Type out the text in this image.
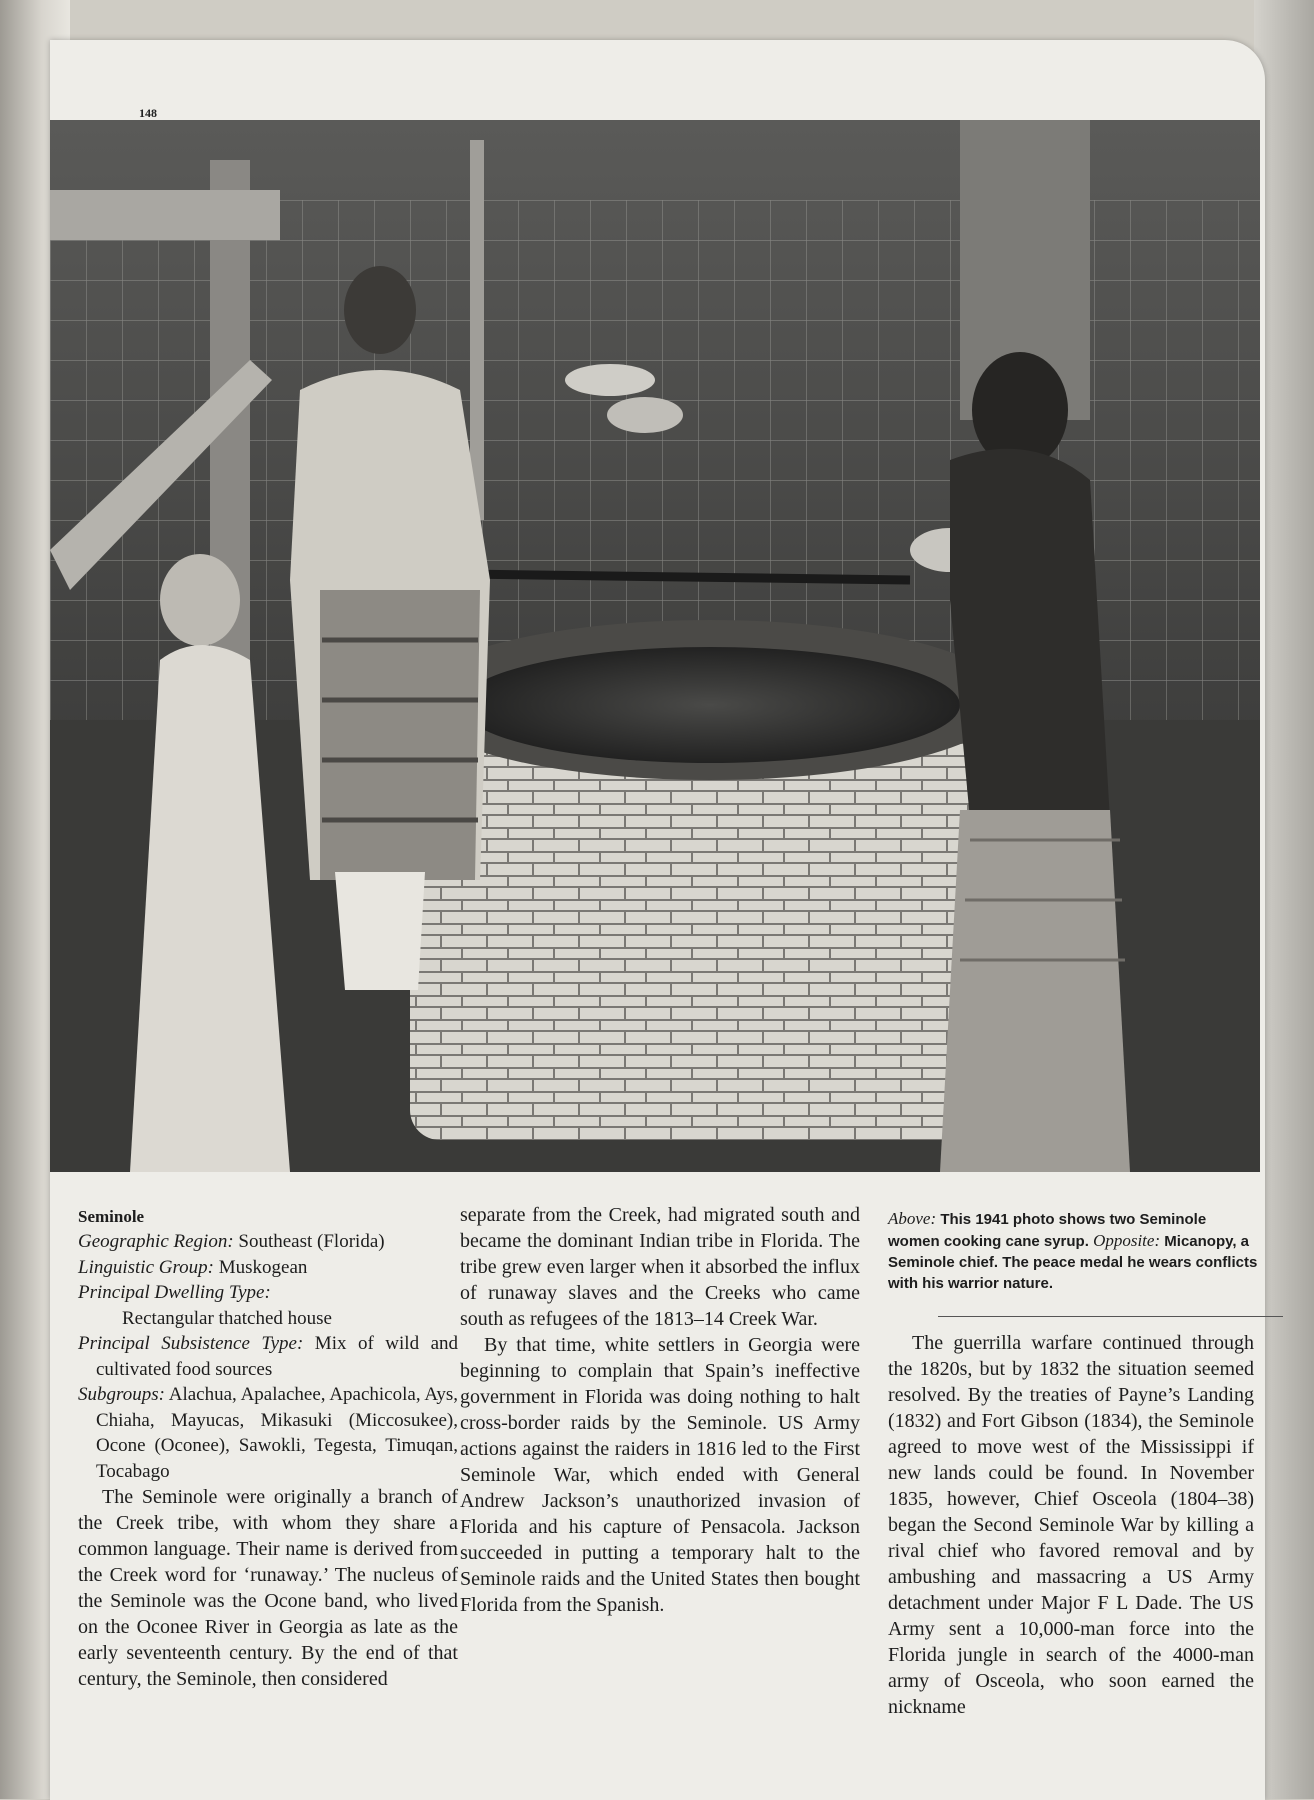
148

Seminole

Geographic Region: Southeast (Florida)

Linguistic Group: Muskogean

Principal Dwelling Type:
Rectangular thatched house

Principal Subsistence Type: Mix of wild and cultivated food sources

Subgroups: Alachua, Apalachee, Apachicola, Ays, Chiaha, Mayucas, Mikasuki (Miccosukee), Ocone (Oconee), Sawokli, Tegesta, Timuqan, Tocabago

The Seminole were originally a branch of the Creek tribe, with whom they share a common language. Their name is derived from the Creek word for ‘runaway.’ The nucleus of the Seminole was the Ocone band, who lived on the Oconee River in Georgia as late as the early seventeenth century. By the end of that century, the Seminole, then considered

separate from the Creek, had migrated south and became the dominant Indian tribe in Florida. The tribe grew even larger when it absorbed the influx of runaway slaves and the Creeks who came south as refugees of the 1813–14 Creek War.

By that time, white settlers in Georgia were beginning to complain that Spain’s ineffective government in Florida was doing nothing to halt cross-border raids by the Seminole. US Army actions against the raiders in 1816 led to the First Seminole War, which ended with General Andrew Jackson’s unauthorized invasion of Florida and his capture of Pensacola. Jackson succeeded in putting a temporary halt to the Seminole raids and the United States then bought Florida from the Spanish.

Above: This 1941 photo shows two Seminole women cooking cane syrup. Opposite: Micanopy, a Seminole chief. The peace medal he wears conflicts with his warrior nature.

The guerrilla warfare continued through the 1820s, but by 1832 the situation seemed resolved. By the treaties of Payne’s Landing (1832) and Fort Gibson (1834), the Seminole agreed to move west of the Mississippi if new lands could be found. In November 1835, however, Chief Osceola (1804–38) began the Second Seminole War by killing a rival chief who favored removal and by ambushing and massacring a US Army detachment under Major F L Dade. The US Army sent a 10,000-man force into the Florida jungle in search of the 4000-man army of Osceola, who soon earned the nickname
